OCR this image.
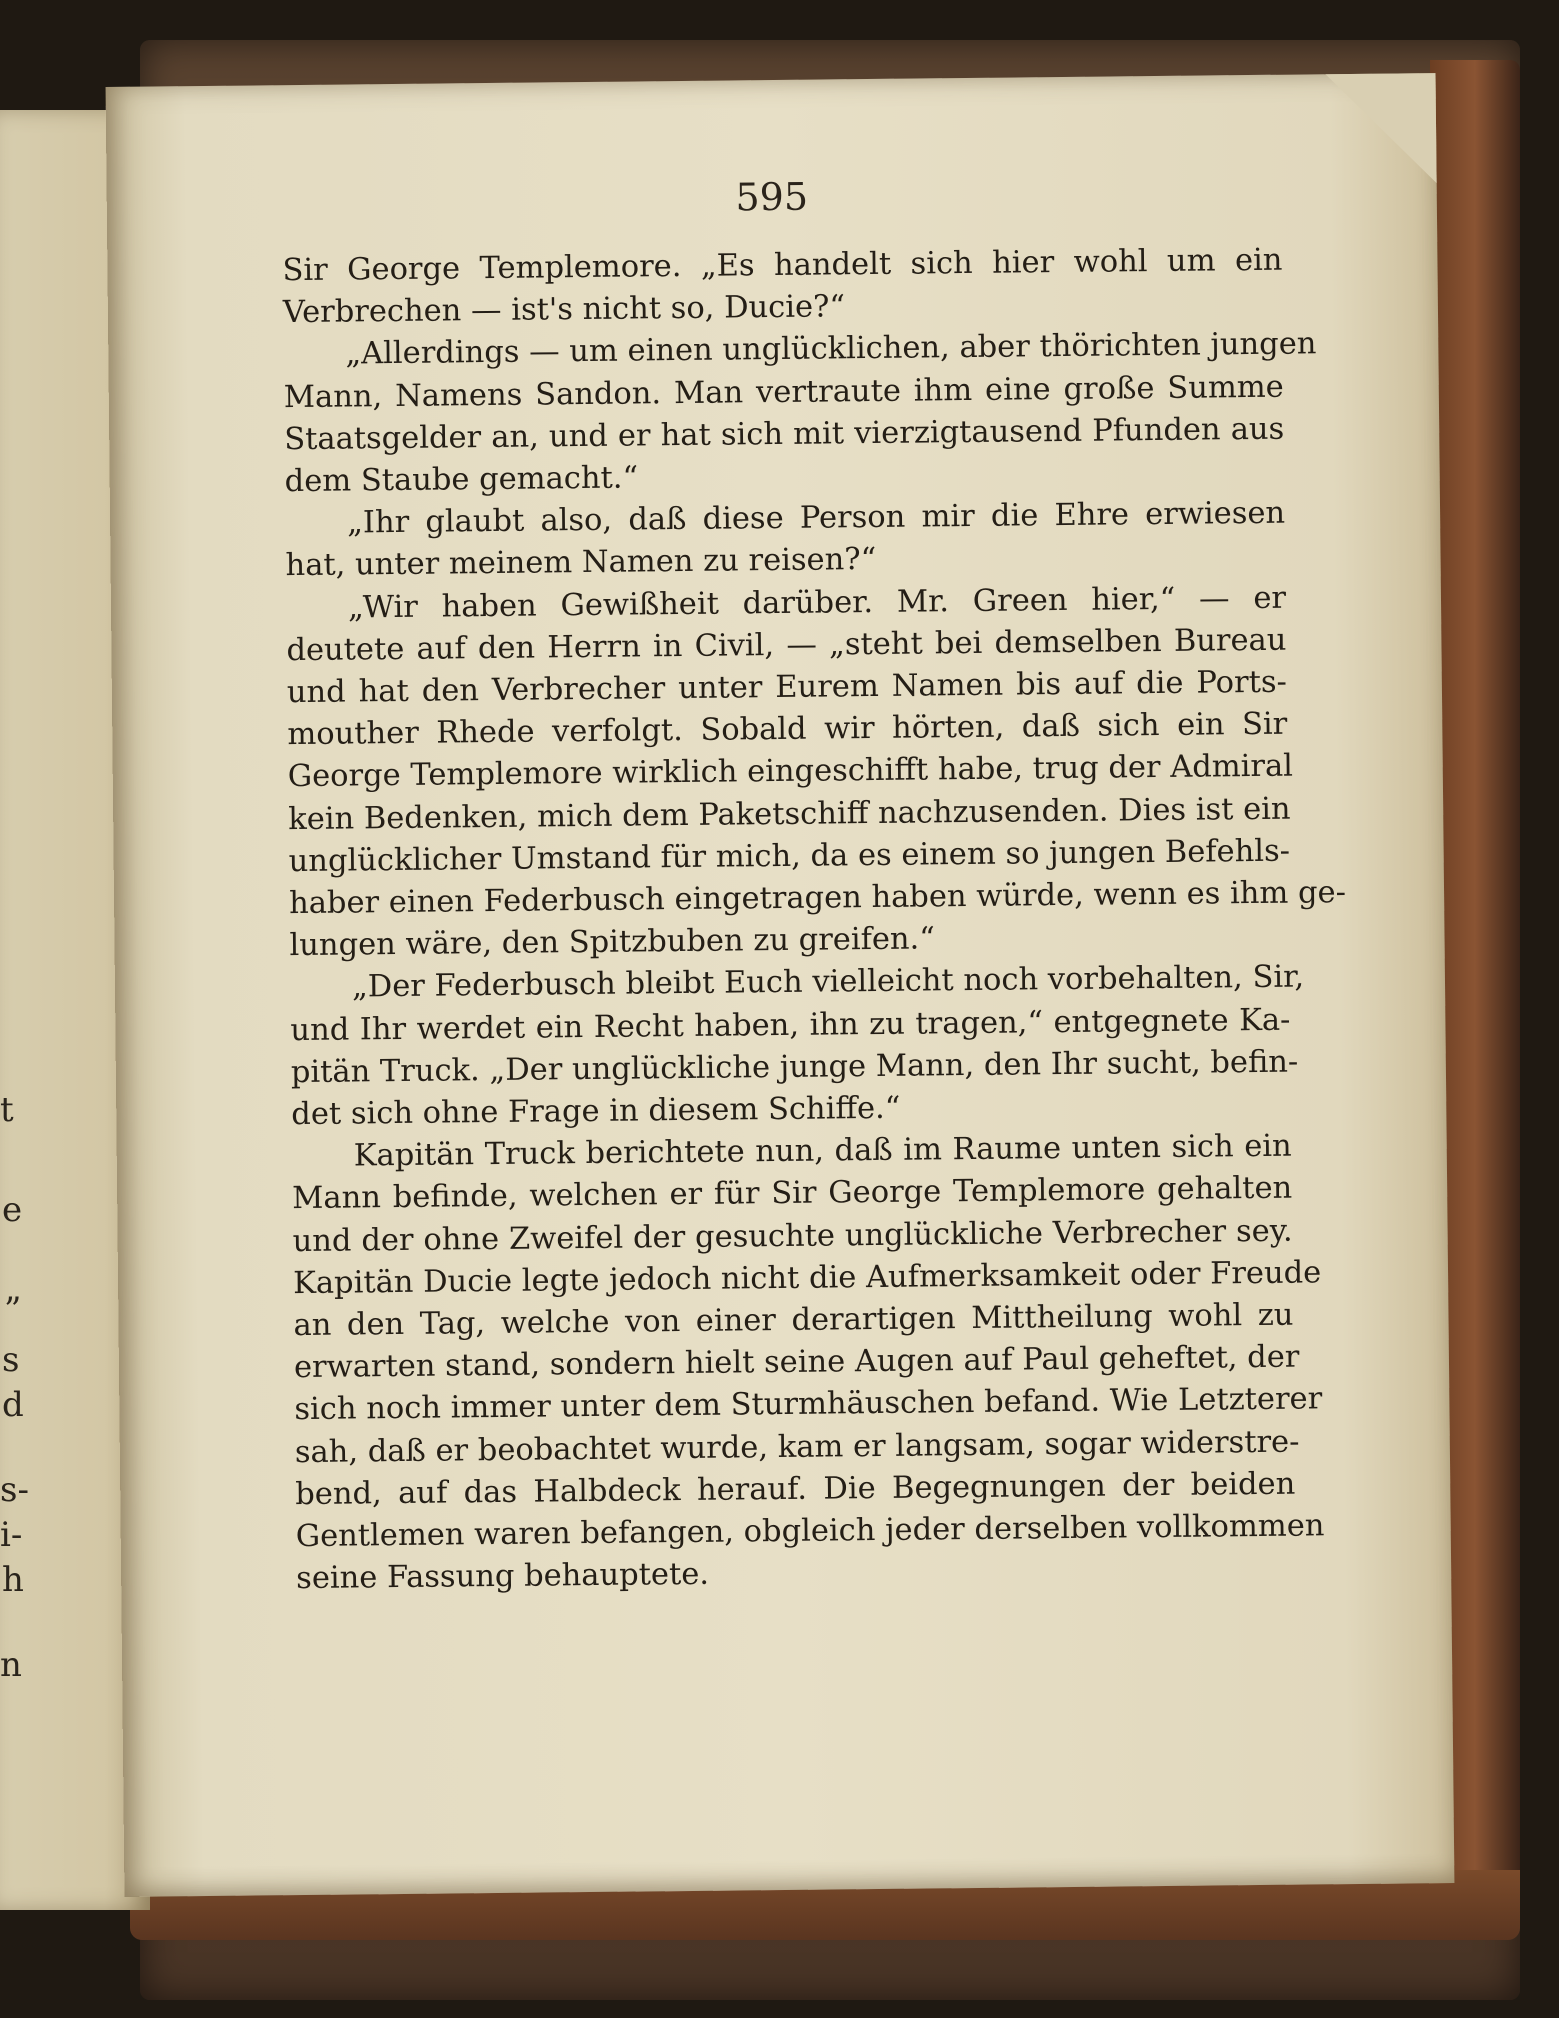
t
e
”
s
d
s-
i-
h
n
595
Sir George Templemore. „Es handelt sich hier wohl um ein
Verbrechen — ist's nicht so, Ducie?“
„Allerdings — um einen unglücklichen, aber thörichten jungen
Mann, Namens Sandon. Man vertraute ihm eine große Summe
Staatsgelder an, und er hat sich mit vierzigtausend Pfunden aus
dem Staube gemacht.“
„Ihr glaubt also, daß diese Person mir die Ehre erwiesen
hat, unter meinem Namen zu reisen?“
„Wir haben Gewißheit darüber. Mr. Green hier,“ — er
deutete auf den Herrn in Civil, — „steht bei demselben Bureau
und hat den Verbrecher unter Eurem Namen bis auf die Ports-
mouther Rhede verfolgt. Sobald wir hörten, daß sich ein Sir
George Templemore wirklich eingeschifft habe, trug der Admiral
kein Bedenken, mich dem Paketschiff nachzusenden. Dies ist ein
unglücklicher Umstand für mich, da es einem so jungen Befehls-
haber einen Federbusch eingetragen haben würde, wenn es ihm ge-
lungen wäre, den Spitzbuben zu greifen.“
„Der Federbusch bleibt Euch vielleicht noch vorbehalten, Sir,
und Ihr werdet ein Recht haben, ihn zu tragen,“ entgegnete Ka-
pitän Truck. „Der unglückliche junge Mann, den Ihr sucht, befin-
det sich ohne Frage in diesem Schiffe.“
Kapitän Truck berichtete nun, daß im Raume unten sich ein
Mann befinde, welchen er für Sir George Templemore gehalten
und der ohne Zweifel der gesuchte unglückliche Verbrecher sey.
Kapitän Ducie legte jedoch nicht die Aufmerksamkeit oder Freude
an den Tag, welche von einer derartigen Mittheilung wohl zu
erwarten stand, sondern hielt seine Augen auf Paul geheftet, der
sich noch immer unter dem Sturmhäuschen befand. Wie Letzterer
sah, daß er beobachtet wurde, kam er langsam, sogar widerstre-
bend, auf das Halbdeck herauf. Die Begegnungen der beiden
Gentlemen waren befangen, obgleich jeder derselben vollkommen
seine Fassung behauptete.
